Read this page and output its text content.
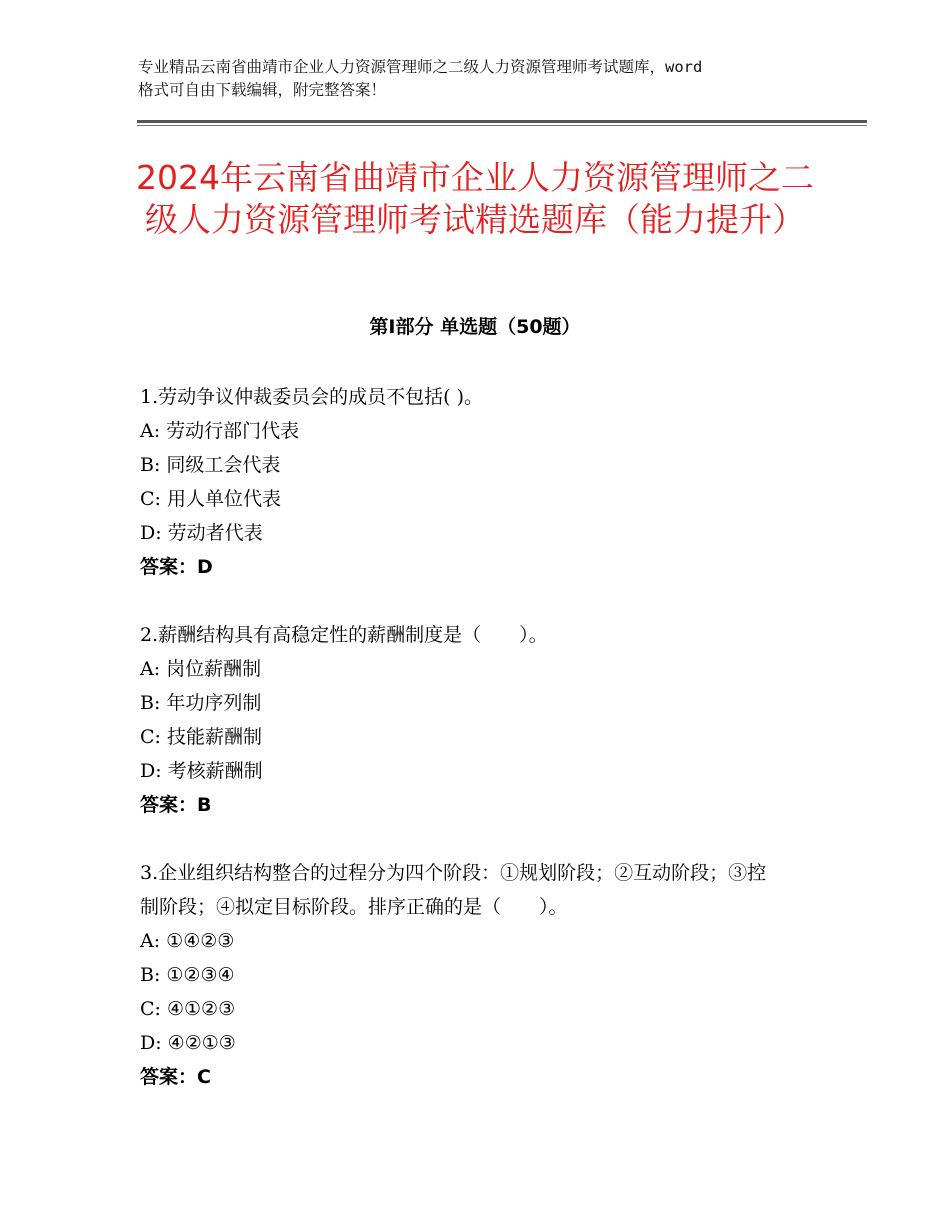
专业精品云南省曲靖市企业人力资源管理师之二级人力资源管理师考试题库，word
格式可自由下载编辑，附完整答案！
2024年云南省曲靖市企业人力资源管理师之二级人力资源管理师考试精选题库（能力提升）
第Ⅰ部分 单选题（50题）
1.劳动争议仲裁委员会的成员不包括( )。
A: 劳动行部门代表
B: 同级工会代表
C: 用人单位代表
D: 劳动者代表
答案：D
2.薪酬结构具有高稳定性的薪酬制度是（　　）。
A: 岗位薪酬制
B: 年功序列制
C: 技能薪酬制
D: 考核薪酬制
答案：B
3.企业组织结构整合的过程分为四个阶段：①规划阶段；②互动阶段；③控制阶段；④拟定目标阶段。排序正确的是（　　）。
A: ①④②③
B: ①②③④
C: ④①②③
D: ④②①③
答案：C
